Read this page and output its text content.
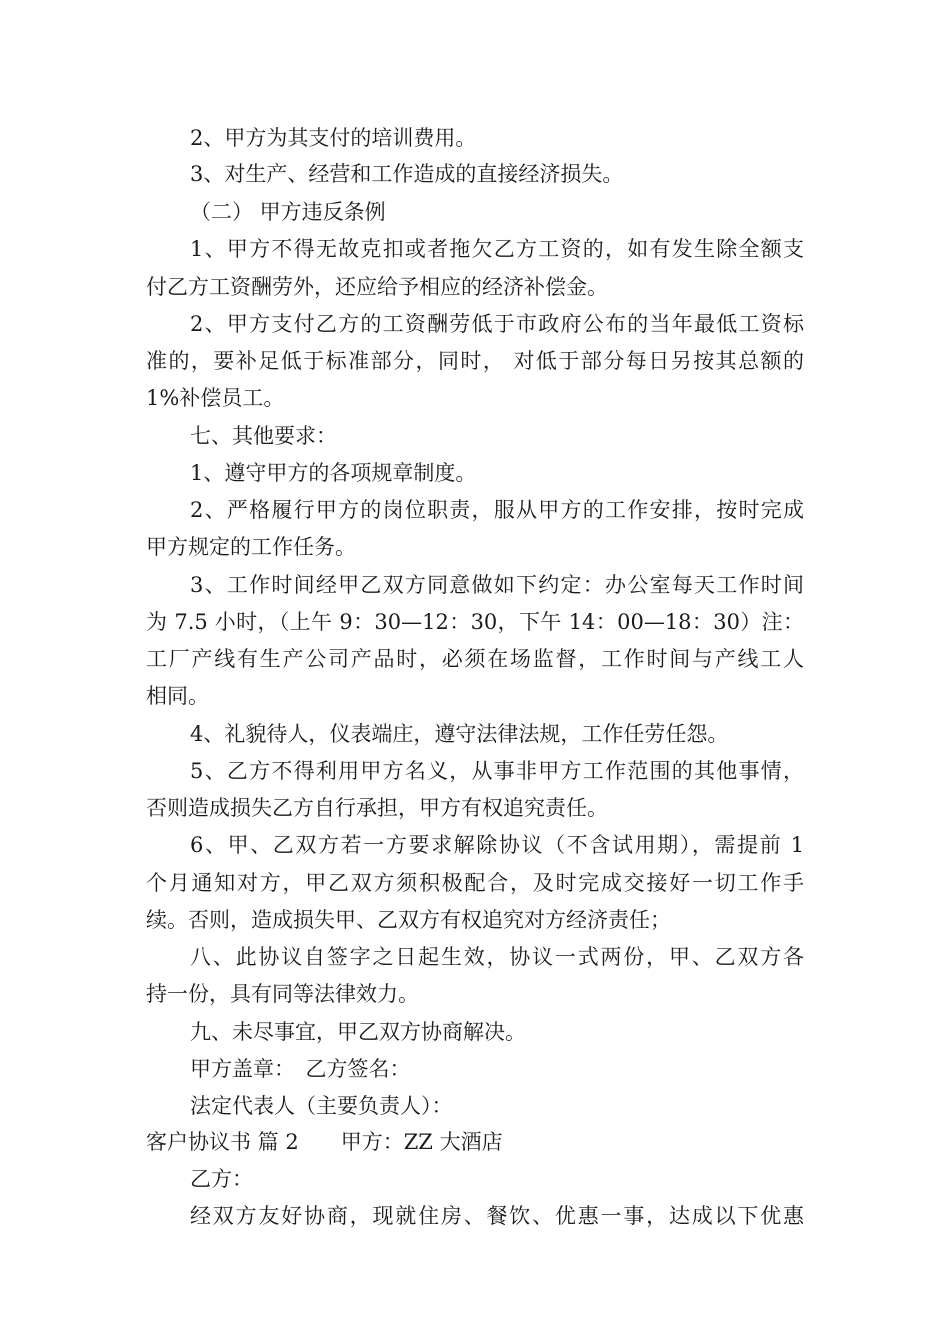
2、甲方为其支付的培训费用。
3、对生产、经营和工作造成的直接经济损失。
（二） 甲方违反条例
1、甲方不得无故克扣或者拖欠乙方工资的，如有发生除全额支
付乙方工资酬劳外，还应给予相应的经济补偿金。
2、甲方支付乙方的工资酬劳低于市政府公布的当年最低工资标
准的，要补足低于标准部分，同时， 对低于部分每日另按其总额的
1%补偿员工。
七、其他要求：
1、遵守甲方的各项规章制度。
2、严格履行甲方的岗位职责，服从甲方的工作安排，按时完成
甲方规定的工作任务。
3、工作时间经甲乙双方同意做如下约定：办公室每天工作时间
为 7.5 小时，（上午 9：30—12：30，下午 14：00—18：30）注：
工厂产线有生产公司产品时，必须在场监督，工作时间与产线工人
相同。
4、礼貌待人，仪表端庄，遵守法律法规，工作任劳任怨。
5、乙方不得利用甲方名义，从事非甲方工作范围的其他事情，
否则造成损失乙方自行承担，甲方有权追究责任。
6、甲、乙双方若一方要求解除协议（不含试用期），需提前 1
个月通知对方，甲乙双方须积极配合，及时完成交接好一切工作手
续。否则，造成损失甲、乙双方有权追究对方经济责任；
八、此协议自签字之日起生效，协议一式两份，甲、乙双方各
持一份，具有同等法律效力。
九、未尽事宜，甲乙双方协商解决。
甲方盖章：　乙方签名：
法定代表人（主要负责人）：
客户协议书 篇 2　　甲方：ZZ 大酒店
乙方：
经双方友好协商，现就住房、餐饮、优惠一事，达成以下优惠
